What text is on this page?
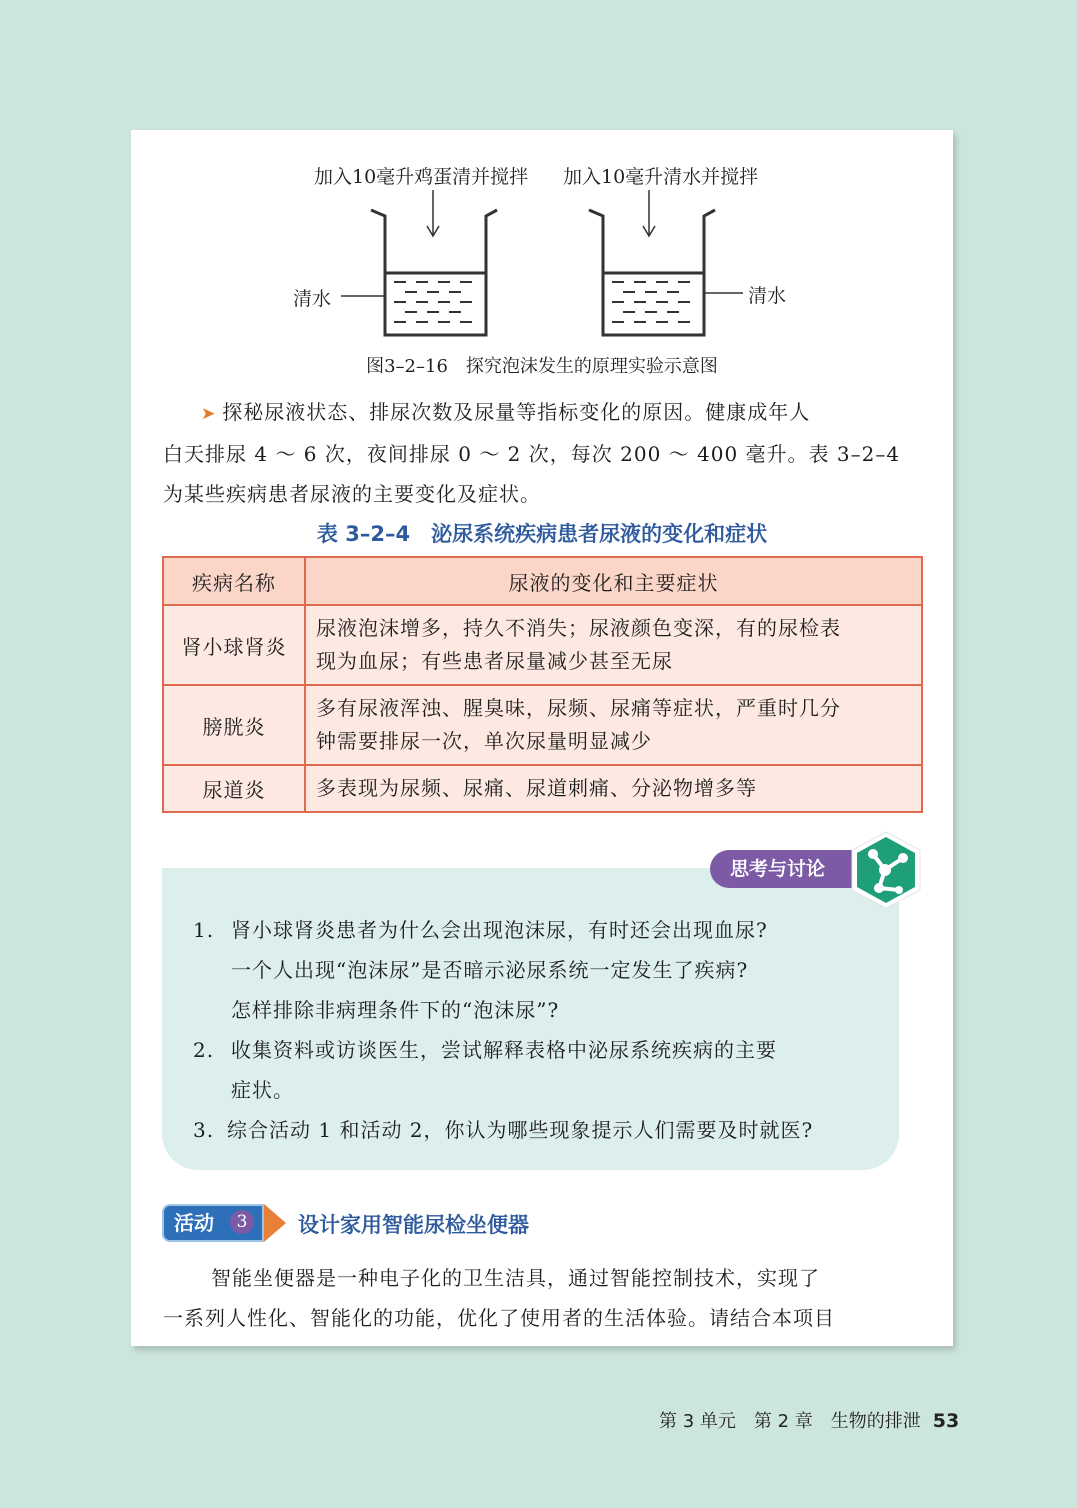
加入10毫升鸡蛋清并搅拌 加入10毫升清水并搅拌
清水	清水
图3–2–16　探究泡沫发生的原理实验示意图
➤ 探秘尿液状态、排尿次数及尿量等指标变化的原因。健康成年人
白天排尿 4 ～ 6 次，夜间排尿 0 ～ 2 次，每次 200 ～ 400 毫升。表 3–2–4
为某些疾病患者尿液的主要变化及症状。
表 3–2–4　泌尿系统疾病患者尿液的变化和症状
疾病名称	尿液的变化和主要症状
肾小球肾炎	尿液泡沫增多，持久不消失；尿液颜色变深，有的尿检表
现为血尿；有些患者尿量减少甚至无尿

膀胱炎	多有尿液浑浊、腥臭味，尿频、尿痛等症状，严重时几分
钟需要排尿一次，单次尿量明显减少

尿道炎	多表现为尿频、尿痛、尿道刺痛、分泌物增多等
思考与讨论
1. 肾小球肾炎患者为什么会出现泡沫尿，有时还会出现血尿?
一个人出现“泡沫尿”是否暗示泌尿系统一定发生了疾病?
怎样排除非病理条件下的“泡沫尿”?
2. 收集资料或访谈医生，尝试解释表格中泌尿系统疾病的主要
症状。
3. 综合活动 1 和活动 2，你认为哪些现象提示人们需要及时就医?
活动	3	设计家用智能尿检坐便器
智能坐便器是一种电子化的卫生洁具，通过智能控制技术，实现了
一系列人性化、智能化的功能，优化了使用者的生活体验。请结合本项目
第 3 单元　第 2 章　生物的排泄 53
